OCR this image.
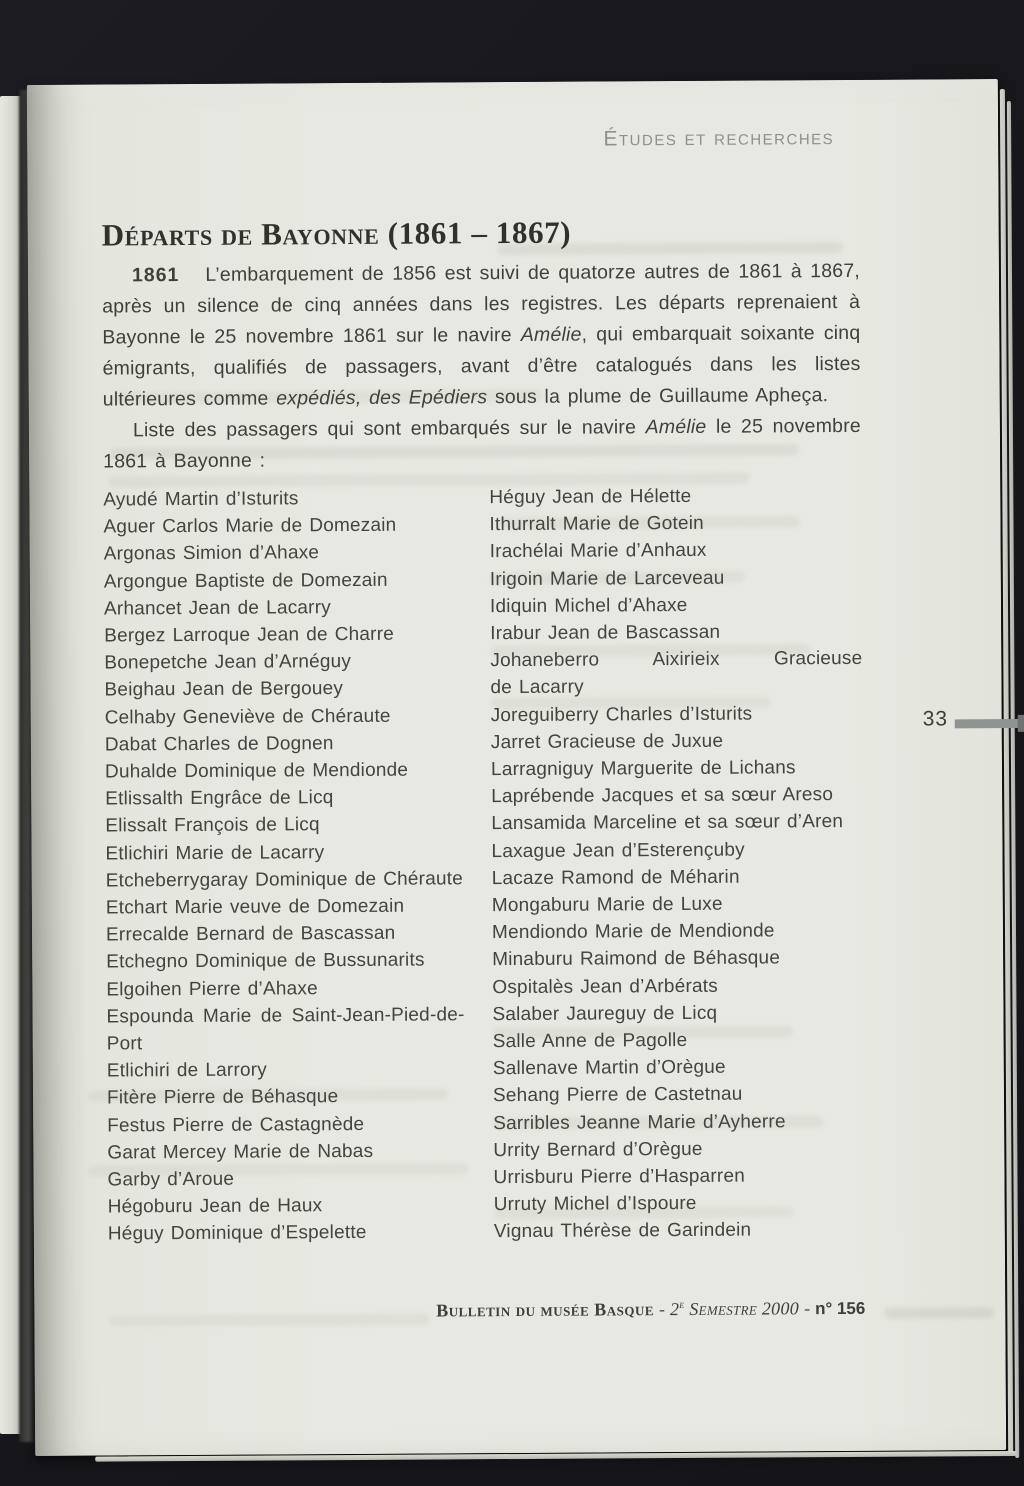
Études et recherches
Départs de Bayonne (1861 – 1867)

1861 L’embarquement de 1856 est suivi de quatorze autres de 1861 à 1867, après un silence de cinq années dans les registres. Les départs reprenaient à Bayonne le 25 novembre 1861 sur le navire Amélie, qui embarquait soixante cinq émigrants, qualifiés de passagers, avant d’être catalogués dans les listes ultérieures comme expédiés, des Epédiers sous la plume de Guillaume Apheça.

Liste des passagers qui sont embarqués sur le navire Amélie le 25 novembre 1861 à Bayonne :

Ayudé Martin d’Isturits
Aguer Carlos Marie de Domezain
Argonas Simion d’Ahaxe
Argongue Baptiste de Domezain
Arhancet Jean de Lacarry
Bergez Larroque Jean de Charre
Bonepetche Jean d’Arnéguy
Beighau Jean de Bergouey
Celhaby Geneviève de Chéraute
Dabat Charles de Dognen
Duhalde Dominique de Mendionde
Etlissalth Engrâce de Licq
Elissalt François de Licq
Etlichiri Marie de Lacarry
Etcheberrygaray Dominique de Chéraute
Etchart Marie veuve de Domezain
Errecalde Bernard de Bascassan
Etchegno Dominique de Bussunarits
Elgoihen Pierre d’Ahaxe
Espounda Marie de Saint-Jean-Pied-de-Port
Etlichiri de Larrory
Fitère Pierre de Béhasque
Festus Pierre de Castagnède
Garat Mercey Marie de Nabas
Garby d’Aroue
Hégoburu Jean de Haux
Héguy Dominique d’Espelette
Héguy Jean de Hélette
Ithurralt Marie de Gotein
Irachélai Marie d’Anhaux
Irigoin Marie de Larceveau
Idiquin Michel d’Ahaxe
Irabur Jean de Bascassan
Johaneberro Aixirieix Gracieuse de Lacarry
Joreguiberry Charles d’Isturits
Jarret Gracieuse de Juxue
Larragniguy Marguerite de Lichans
Laprébende Jacques et sa sœur Areso
Lansamida Marceline et sa sœur d’Aren
Laxague Jean d’Esterençuby
Lacaze Ramond de Méharin
Mongaburu Marie de Luxe
Mendiondo Marie de Mendionde
Minaburu Raimond de Béhasque
Ospitalès Jean d’Arbérats
Salaber Jaureguy de Licq
Salle Anne de Pagolle
Sallenave Martin d’Orègue
Sehang Pierre de Castetnau
Sarribles Jeanne Marie d’Ayherre
Urrity Bernard d’Orègue
Urrisburu Pierre d’Hasparren
Urruty Michel d’Ispoure
Vignau Thérèse de Garindein
33
Bulletin du musée Basque - 2e Semestre 2000 - n° 156
